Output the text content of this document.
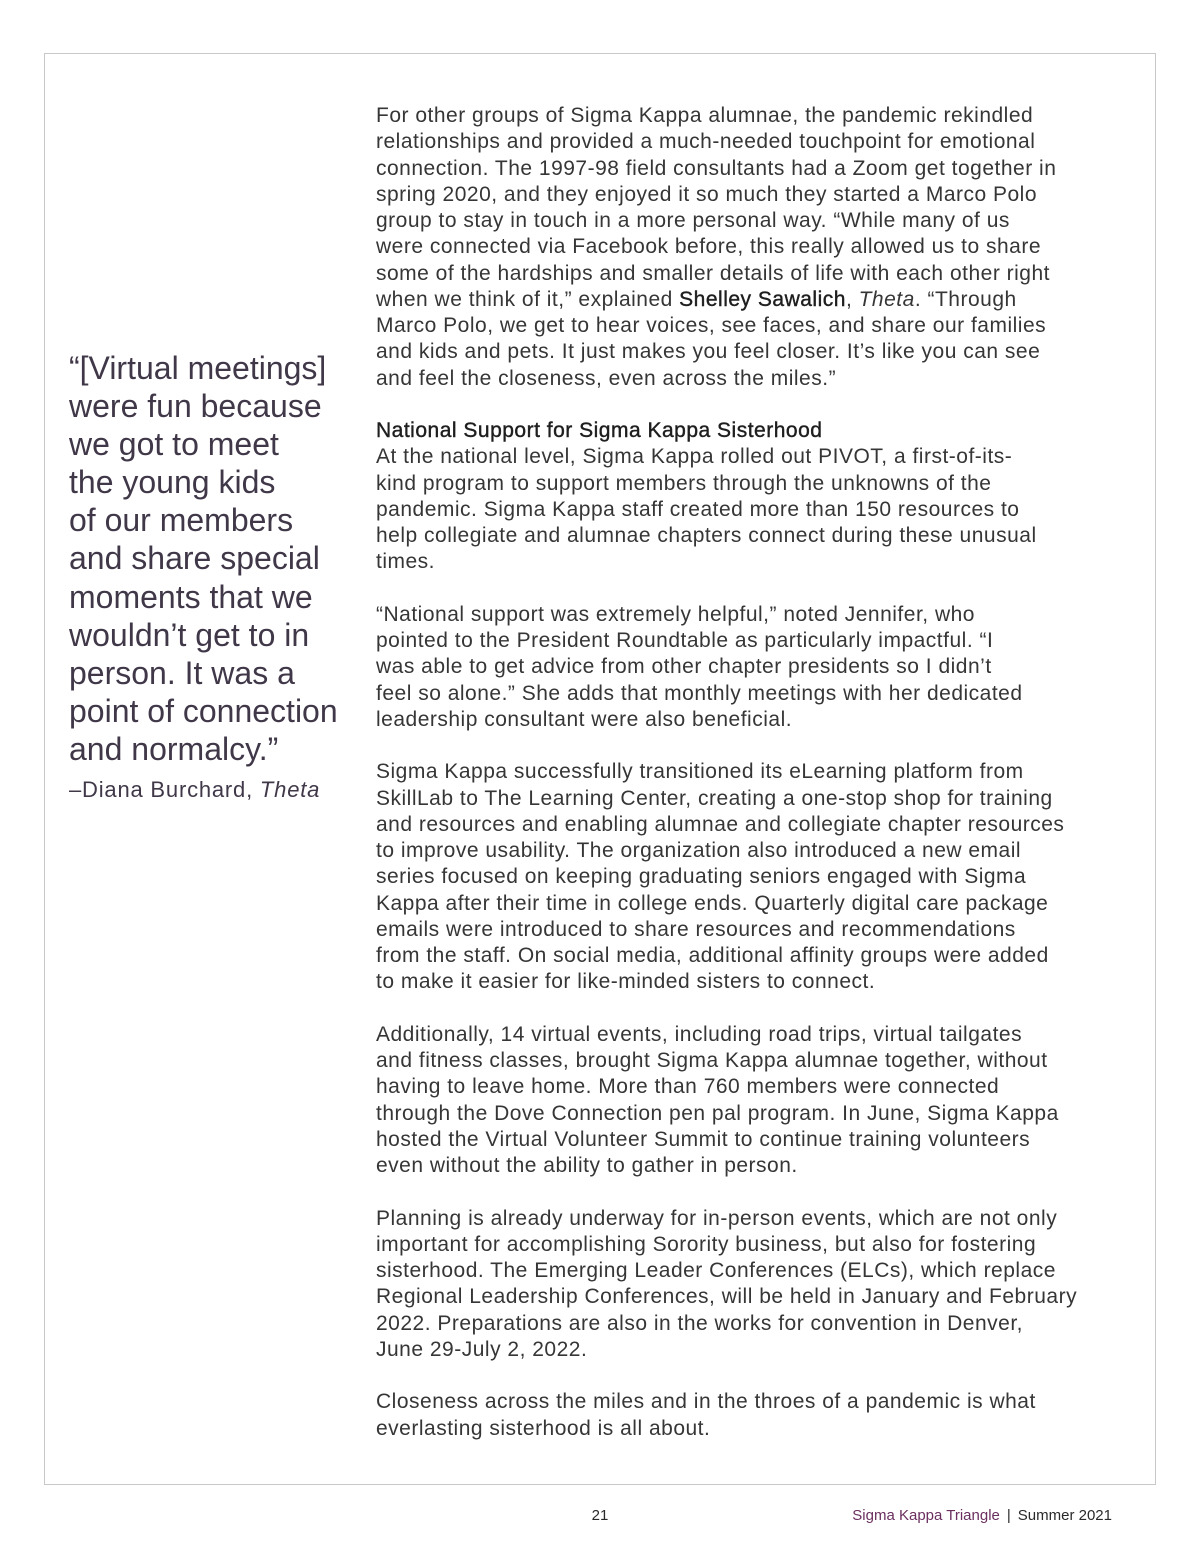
“[Virtual meetings]
were fun because
we got to meet
the young kids
of our members
and share special
moments that we
wouldn’t get to in
person. It was a
point of connection
and normalcy.”
–Diana Burchard, Theta
For other groups of Sigma Kappa alumnae, the pandemic rekindled
relationships and provided a much-needed touchpoint for emotional
connection. The 1997-98 field consultants had a Zoom get together in
spring 2020, and they enjoyed it so much they started a Marco Polo
group to stay in touch in a more personal way. “While many of us
were connected via Facebook before, this really allowed us to share
some of the hardships and smaller details of life with each other right
when we think of it,” explained Shelley Sawalich, Theta. “Through
Marco Polo, we get to hear voices, see faces, and share our families
and kids and pets. It just makes you feel closer. It’s like you can see
and feel the closeness, even across the miles.”
National Support for Sigma Kappa Sisterhood
At the national level, Sigma Kappa rolled out PIVOT, a first-of-its-
kind program to support members through the unknowns of the
pandemic. Sigma Kappa staff created more than 150 resources to
help collegiate and alumnae chapters connect during these unusual
times.
“National support was extremely helpful,” noted Jennifer, who
pointed to the President Roundtable as particularly impactful. “I
was able to get advice from other chapter presidents so I didn’t
feel so alone.” She adds that monthly meetings with her dedicated
leadership consultant were also beneficial.
Sigma Kappa successfully transitioned its eLearning platform from
SkillLab to The Learning Center, creating a one-stop shop for training
and resources and enabling alumnae and collegiate chapter resources
to improve usability. The organization also introduced a new email
series focused on keeping graduating seniors engaged with Sigma
Kappa after their time in college ends. Quarterly digital care package
emails were introduced to share resources and recommendations
from the staff. On social media, additional affinity groups were added
to make it easier for like-minded sisters to connect.
Additionally, 14 virtual events, including road trips, virtual tailgates
and fitness classes, brought Sigma Kappa alumnae together, without
having to leave home. More than 760 members were connected
through the Dove Connection pen pal program. In June, Sigma Kappa
hosted the Virtual Volunteer Summit to continue training volunteers
even without the ability to gather in person.
Planning is already underway for in-person events, which are not only
important for accomplishing Sorority business, but also for fostering
sisterhood. The Emerging Leader Conferences (ELCs), which replace
Regional Leadership Conferences, will be held in January and February
2022. Preparations are also in the works for convention in Denver,
June 29-July 2, 2022.
Closeness across the miles and in the throes of a pandemic is what
everlasting sisterhood is all about.
21	Sigma Kappa Triangle | Summer 2021
